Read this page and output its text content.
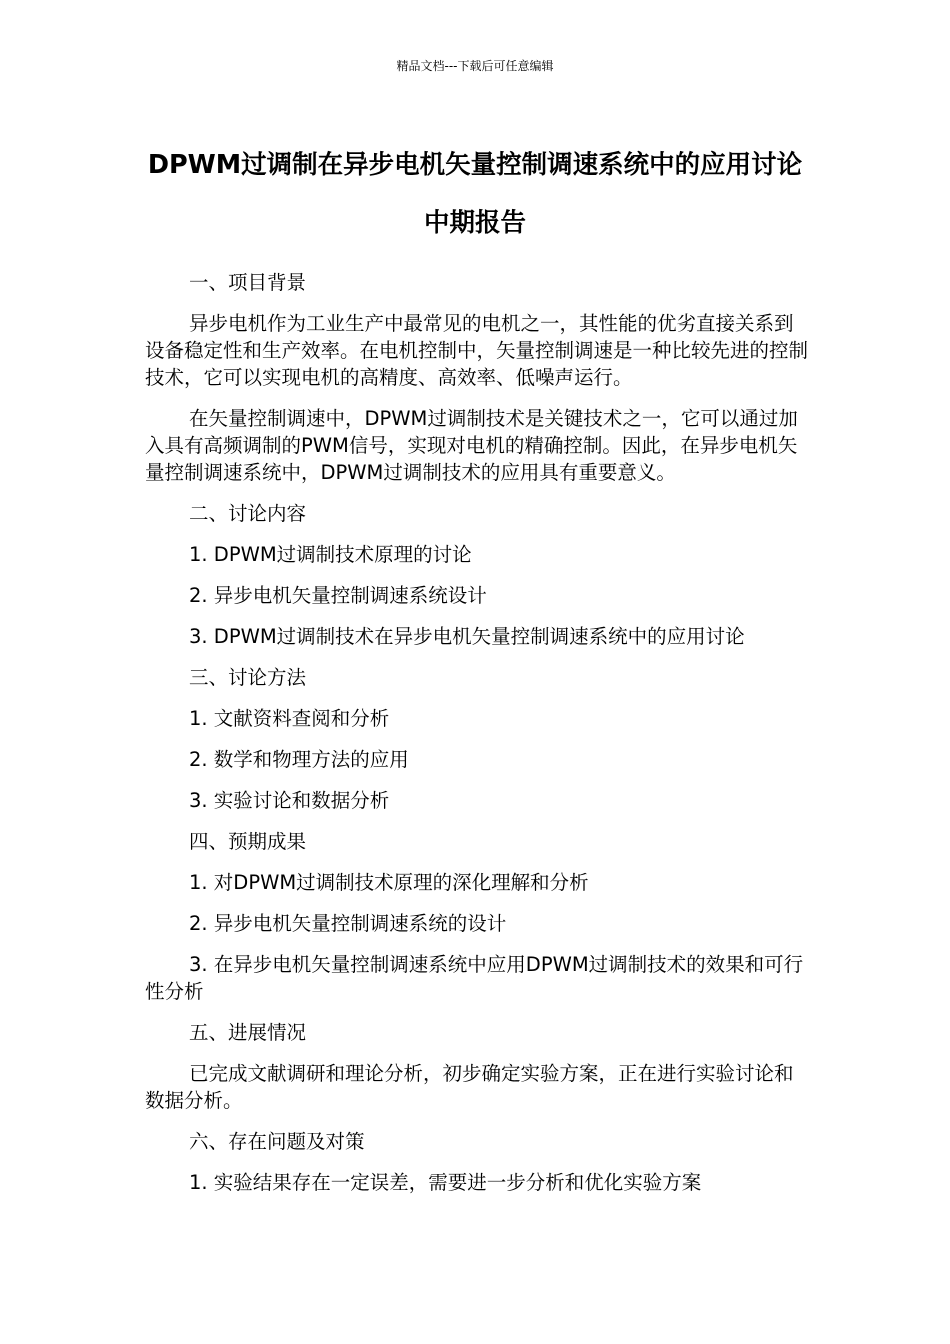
精品文档---下载后可任意编辑
DPWM过调制在异步电机矢量控制调速系统中的应用讨论中期报告

一、项目背景

异步电机作为工业生产中最常见的电机之一，其性能的优劣直接关系到设备稳定性和生产效率。在电机控制中，矢量控制调速是一种比较先进的控制技术，它可以实现电机的高精度、高效率、低噪声运行。

在矢量控制调速中，DPWM过调制技术是关键技术之一，它可以通过加入具有高频调制的PWM信号，实现对电机的精确控制。因此，在异步电机矢量控制调速系统中，DPWM过调制技术的应用具有重要意义。

二、讨论内容

1. DPWM过调制技术原理的讨论

2. 异步电机矢量控制调速系统设计

3. DPWM过调制技术在异步电机矢量控制调速系统中的应用讨论

三、讨论方法

1. 文献资料查阅和分析

2. 数学和物理方法的应用

3. 实验讨论和数据分析

四、预期成果

1. 对DPWM过调制技术原理的深化理解和分析

2. 异步电机矢量控制调速系统的设计

3. 在异步电机矢量控制调速系统中应用DPWM过调制技术的效果和可行性分析

五、进展情况

已完成文献调研和理论分析，初步确定实验方案，正在进行实验讨论和数据分析。

六、存在问题及对策

1. 实验结果存在一定误差，需要进一步分析和优化实验方案
